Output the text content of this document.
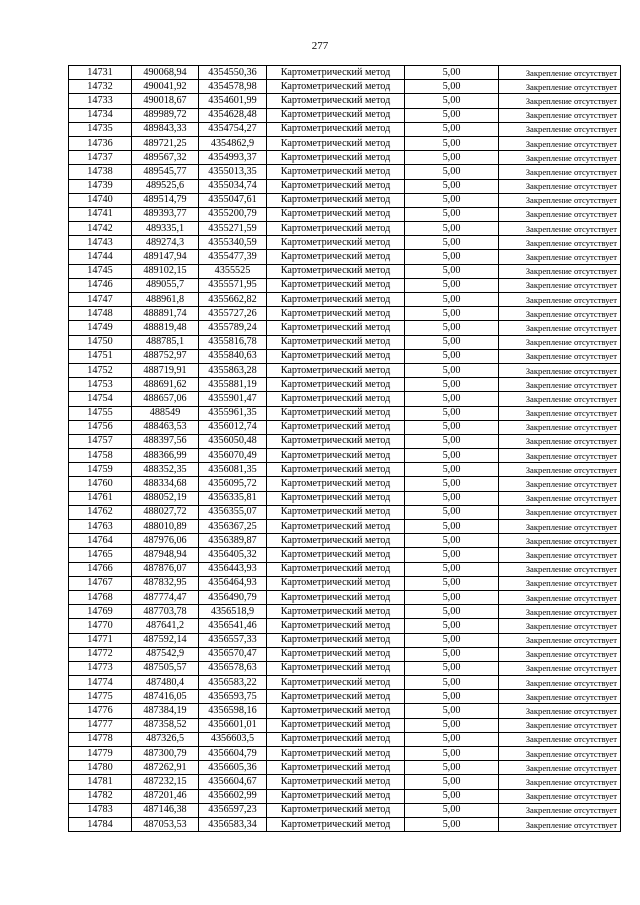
277
14731	490068,94	4354550,36	Картометрический метод	5,00	Закрепление отсутствует
14732	490041,92	4354578,98	Картометрический метод	5,00	Закрепление отсутствует
14733	490018,67	4354601,99	Картометрический метод	5,00	Закрепление отсутствует
14734	489989,72	4354628,48	Картометрический метод	5,00	Закрепление отсутствует
14735	489843,33	4354754,27	Картометрический метод	5,00	Закрепление отсутствует
14736	489721,25	4354862,9	Картометрический метод	5,00	Закрепление отсутствует
14737	489567,32	4354993,37	Картометрический метод	5,00	Закрепление отсутствует
14738	489545,77	4355013,35	Картометрический метод	5,00	Закрепление отсутствует
14739	489525,6	4355034,74	Картометрический метод	5,00	Закрепление отсутствует
14740	489514,79	4355047,61	Картометрический метод	5,00	Закрепление отсутствует
14741	489393,77	4355200,79	Картометрический метод	5,00	Закрепление отсутствует
14742	489335,1	4355271,59	Картометрический метод	5,00	Закрепление отсутствует
14743	489274,3	4355340,59	Картометрический метод	5,00	Закрепление отсутствует
14744	489147,94	4355477,39	Картометрический метод	5,00	Закрепление отсутствует
14745	489102,15	4355525	Картометрический метод	5,00	Закрепление отсутствует
14746	489055,7	4355571,95	Картометрический метод	5,00	Закрепление отсутствует
14747	488961,8	4355662,82	Картометрический метод	5,00	Закрепление отсутствует
14748	488891,74	4355727,26	Картометрический метод	5,00	Закрепление отсутствует
14749	488819,48	4355789,24	Картометрический метод	5,00	Закрепление отсутствует
14750	488785,1	4355816,78	Картометрический метод	5,00	Закрепление отсутствует
14751	488752,97	4355840,63	Картометрический метод	5,00	Закрепление отсутствует
14752	488719,91	4355863,28	Картометрический метод	5,00	Закрепление отсутствует
14753	488691,62	4355881,19	Картометрический метод	5,00	Закрепление отсутствует
14754	488657,06	4355901,47	Картометрический метод	5,00	Закрепление отсутствует
14755	488549	4355961,35	Картометрический метод	5,00	Закрепление отсутствует
14756	488463,53	4356012,74	Картометрический метод	5,00	Закрепление отсутствует
14757	488397,56	4356050,48	Картометрический метод	5,00	Закрепление отсутствует
14758	488366,99	4356070,49	Картометрический метод	5,00	Закрепление отсутствует
14759	488352,35	4356081,35	Картометрический метод	5,00	Закрепление отсутствует
14760	488334,68	4356095,72	Картометрический метод	5,00	Закрепление отсутствует
14761	488052,19	4356335,81	Картометрический метод	5,00	Закрепление отсутствует
14762	488027,72	4356355,07	Картометрический метод	5,00	Закрепление отсутствует
14763	488010,89	4356367,25	Картометрический метод	5,00	Закрепление отсутствует
14764	487976,06	4356389,87	Картометрический метод	5,00	Закрепление отсутствует
14765	487948,94	4356405,32	Картометрический метод	5,00	Закрепление отсутствует
14766	487876,07	4356443,93	Картометрический метод	5,00	Закрепление отсутствует
14767	487832,95	4356464,93	Картометрический метод	5,00	Закрепление отсутствует
14768	487774,47	4356490,79	Картометрический метод	5,00	Закрепление отсутствует
14769	487703,78	4356518,9	Картометрический метод	5,00	Закрепление отсутствует
14770	487641,2	4356541,46	Картометрический метод	5,00	Закрепление отсутствует
14771	487592,14	4356557,33	Картометрический метод	5,00	Закрепление отсутствует
14772	487542,9	4356570,47	Картометрический метод	5,00	Закрепление отсутствует
14773	487505,57	4356578,63	Картометрический метод	5,00	Закрепление отсутствует
14774	487480,4	4356583,22	Картометрический метод	5,00	Закрепление отсутствует
14775	487416,05	4356593,75	Картометрический метод	5,00	Закрепление отсутствует
14776	487384,19	4356598,16	Картометрический метод	5,00	Закрепление отсутствует
14777	487358,52	4356601,01	Картометрический метод	5,00	Закрепление отсутствует
14778	487326,5	4356603,5	Картометрический метод	5,00	Закрепление отсутствует
14779	487300,79	4356604,79	Картометрический метод	5,00	Закрепление отсутствует
14780	487262,91	4356605,36	Картометрический метод	5,00	Закрепление отсутствует
14781	487232,15	4356604,67	Картометрический метод	5,00	Закрепление отсутствует
14782	487201,46	4356602,99	Картометрический метод	5,00	Закрепление отсутствует
14783	487146,38	4356597,23	Картометрический метод	5,00	Закрепление отсутствует
14784	487053,53	4356583,34	Картометрический метод	5,00	Закрепление отсутствует
